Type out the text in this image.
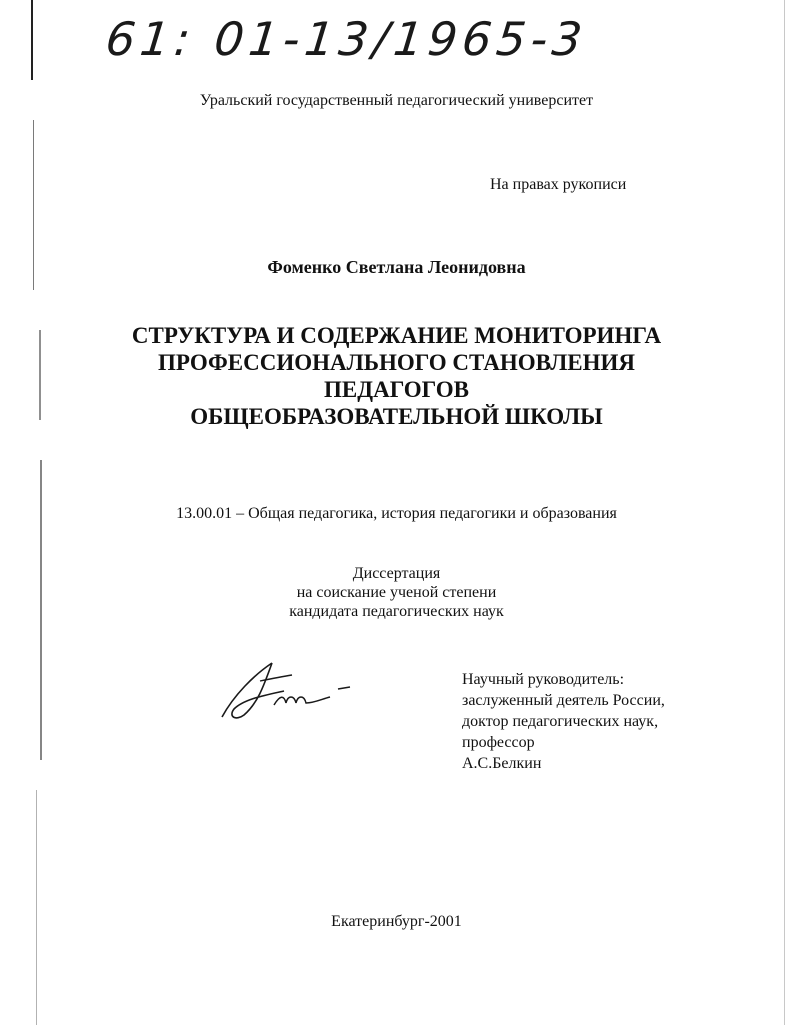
61: 01-13/1965-3
Уральский государственный педагогический университет
На правах рукописи
Фоменко Светлана Леонидовна
СТРУКТУРА И СОДЕРЖАНИЕ МОНИТОРИНГА
ПРОФЕССИОНАЛЬНОГО СТАНОВЛЕНИЯ
ПЕДАГОГОВ
ОБЩЕОБРАЗОВАТЕЛЬНОЙ ШКОЛЫ
13.00.01 – Общая педагогика, история педагогики и образования
Диссертация
на соискание ученой степени
кандидата педагогических наук
Научный руководитель:
заслуженный деятель России,
доктор педагогических наук,
профессор
А.С.Белкин
Екатеринбург-2001
